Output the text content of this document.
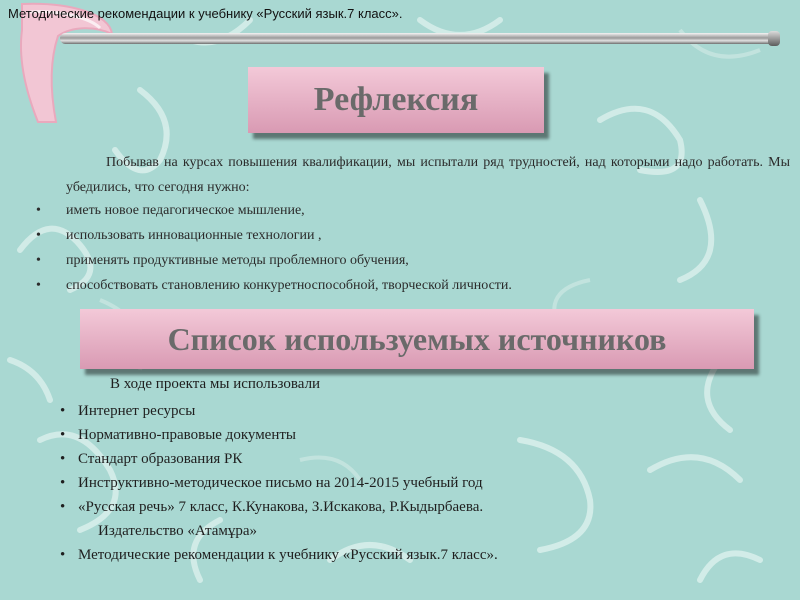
Методические рекомендации к учебнику «Русский язык.7 класс».
Рефлексия

Побывав на курсах повышения квалификации, мы испытали ряд трудностей, над которыми надо работать. Мы убедились, что сегодня нужно:

• иметь новое педагогическое мышление,
• использовать инновационные технологии ,
• применять продуктивные методы проблемного обучения,
• способствовать становлению конкуретноспособной, творческой личности.
Список используемых источников

В ходе проекта мы использовали

• Интернет ресурсы
• Нормативно-правовые документы
• Стандарт образования РК
• Инструктивно-методическое письмо на 2014-2015 учебный год
• «Русская речь» 7 класс, К.Кунакова, З.Искакова, Р.Кыдырбаева.
Издательство «Атамұра»
• Методические рекомендации к учебнику «Русский язык.7 класс».
